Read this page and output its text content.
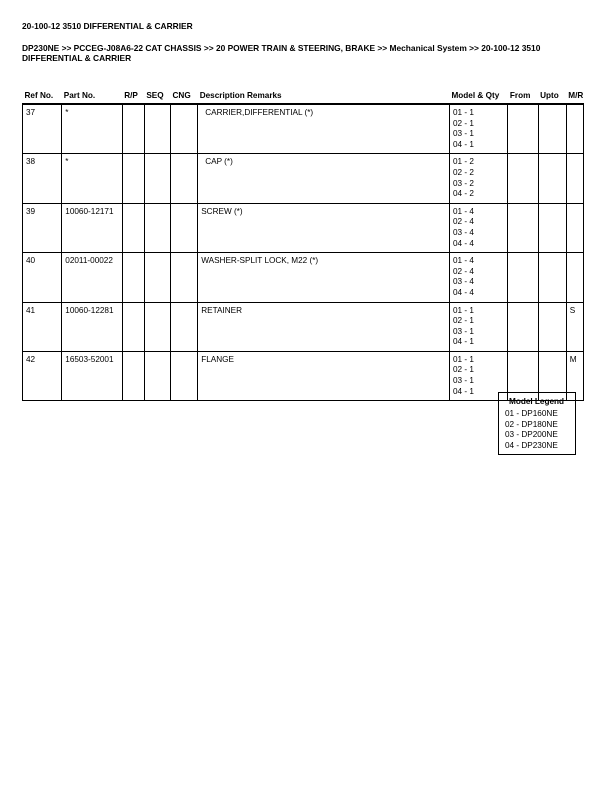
20-100-12 3510 DIFFERENTIAL & CARRIER
DP230NE >> PCCEG-J08A6-22 CAT CHASSIS >> 20 POWER TRAIN & STEERING, BRAKE >> Mechanical System >> 20-100-12 3510 DIFFERENTIAL & CARRIER
Ref No.	Part No.	R/P	SEQ	CNG	Description Remarks	Model & Qty	From	Upto	M/R
37	*				CARRIER,DIFFERENTIAL (*)	01 - 1
02 - 1
03 - 1
04 - 1			

38	*				CAP (*)	01 - 2
02 - 2
03 - 2
04 - 2			

39	10060-12171				SCREW (*)	01 - 4
02 - 4
03 - 4
04 - 4			

40	02011-00022				WASHER-SPLIT LOCK, M22 (*)	01 - 4
02 - 4
03 - 4
04 - 4			

41	10060-12281				RETAINER	01 - 1
02 - 1
03 - 1
04 - 1			S
42	16503-52001				FLANGE	01 - 1
02 - 1
03 - 1
04 - 1			M
Model Legend
01 - DP160NE
02 - DP180NE
03 - DP200NE
04 - DP230NE
